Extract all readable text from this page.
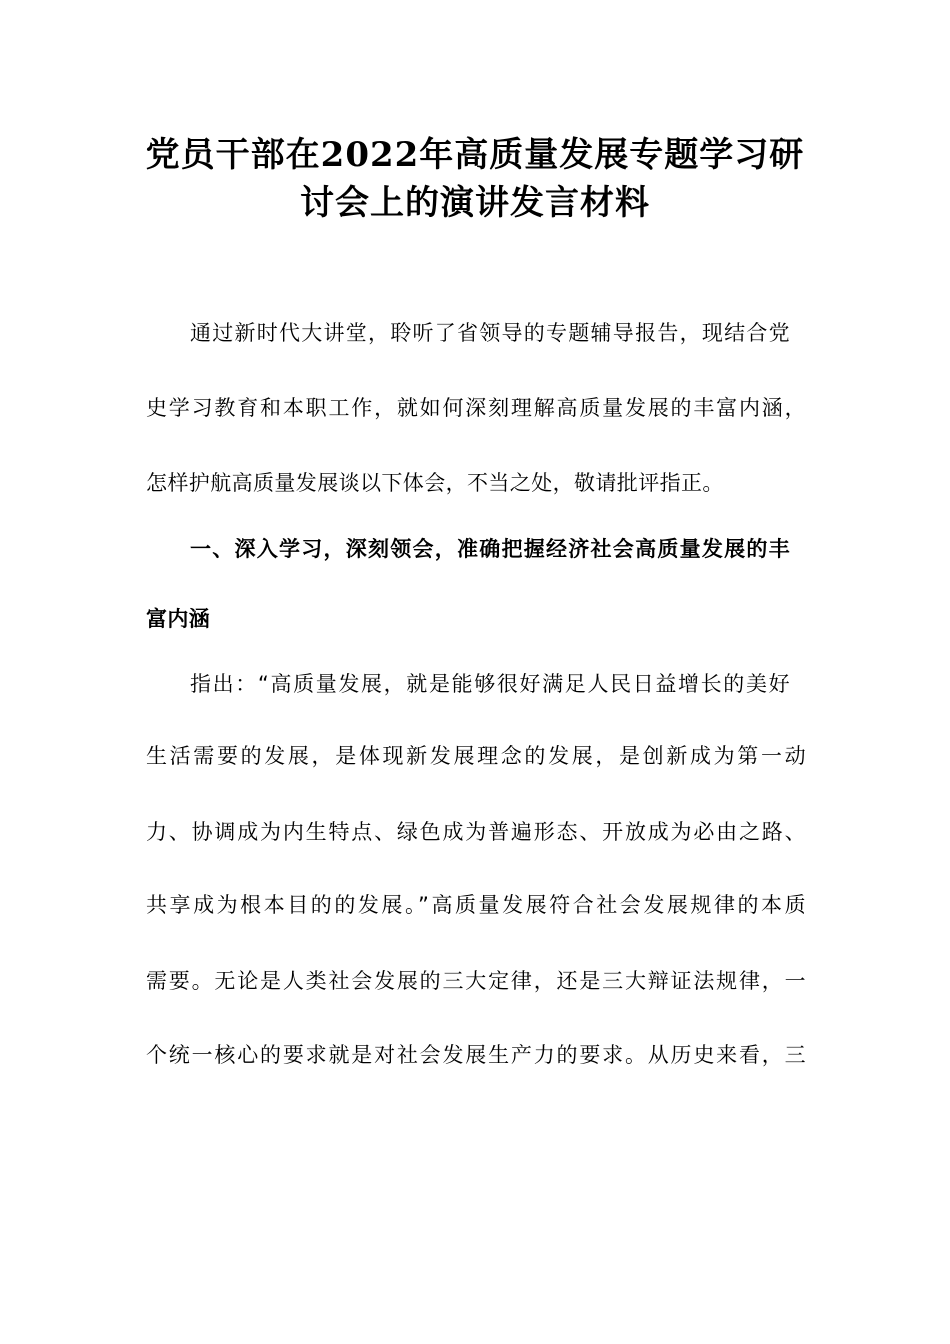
党员干部在2022年高质量发展专题学习研
讨会上的演讲发言材料
通过新时代大讲堂，聆听了省领导的专题辅导报告，现结合党
史学习教育和本职工作，就如何深刻理解高质量发展的丰富内涵，
怎样护航高质量发展谈以下体会，不当之处，敬请批评指正。
一、深入学习，深刻领会，准确把握经济社会高质量发展的丰
富内涵
指出：“高质量发展，就是能够很好满足人民日益增长的美好
生活需要的发展，是体现新发展理念的发展，是创新成为第一动
力、协调成为内生特点、绿色成为普遍形态、开放成为必由之路、
共享成为根本目的的发展。”高质量发展符合社会发展规律的本质
需要。无论是人类社会发展的三大定律，还是三大辩证法规律，一
个统一核心的要求就是对社会发展生产力的要求。从历史来看，三
